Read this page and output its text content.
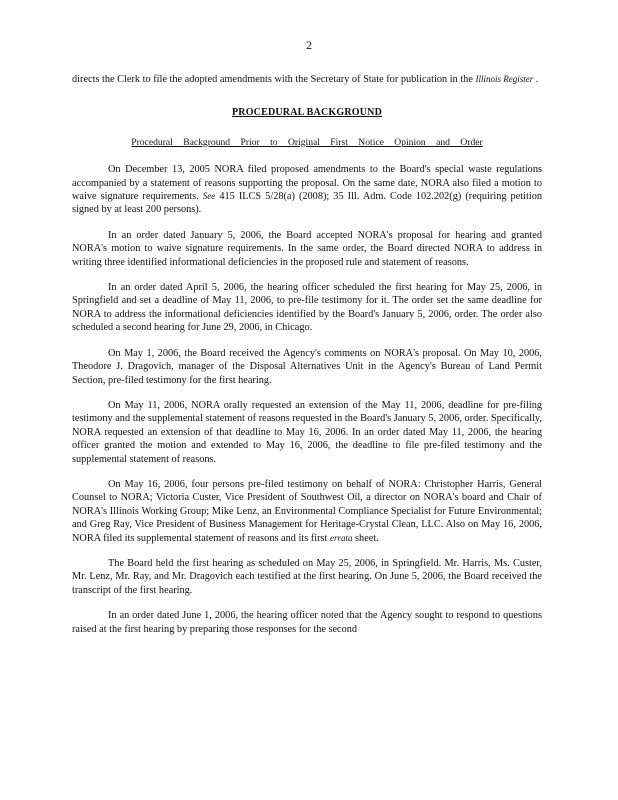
2

directs the Clerk to file the adopted amendments with the Secretary of State for publication in the Illinois Register .

PROCEDURAL BACKGROUND
Procedural Background Prior to Original First Notice Opinion and Order

On December 13, 2005 NORA filed proposed amendments to the Board's special waste regulations accompanied by a statement of reasons supporting the proposal. On the same date, NORA also filed a motion to waive signature requirements. See 415 ILCS 5/28(a) (2008); 35 Ill. Adm. Code 102.202(g) (requiring petition signed by at least 200 persons).

In an order dated January 5, 2006, the Board accepted NORA's proposal for hearing and granted NORA's motion to waive signature requirements. In the same order, the Board directed NORA to address in writing three identified informational deficiencies in the proposed rule and statement of reasons.

In an order dated April 5, 2006, the hearing officer scheduled the first hearing for May 25, 2006, in Springfield and set a deadline of May 11, 2006, to pre-file testimony for it. The order set the same deadline for NORA to address the informational deficiencies identified by the Board's January 5, 2006, order. The order also scheduled a second hearing for June 29, 2006, in Chicago.

On May 1, 2006, the Board received the Agency's comments on NORA's proposal. On May 10, 2006, Theodore J. Dragovich, manager of the Disposal Alternatives Unit in the Agency's Bureau of Land Permit Section, pre-filed testimony for the first hearing.

On May 11, 2006, NORA orally requested an extension of the May 11, 2006, deadline for pre-filing testimony and the supplemental statement of reasons requested in the Board's January 5, 2006, order. Specifically, NORA requested an extension of that deadline to May 16, 2006. In an order dated May 11, 2006, the hearing officer granted the motion and extended to May 16, 2006, the deadline to file pre-filed testimony and the supplemental statement of reasons.

On May 16, 2006, four persons pre-filed testimony on behalf of NORA: Christopher Harris, General Counsel to NORA; Victoria Custer, Vice President of Southwest Oil, a director on NORA's board and Chair of NORA's Illinois Working Group; Mike Lenz, an Environmental Compliance Specialist for Future Environmental; and Greg Ray, Vice President of Business Management for Heritage-Crystal Clean, LLC. Also on May 16, 2006, NORA filed its supplemental statement of reasons and its first errata sheet.

The Board held the first hearing as scheduled on May 25, 2006, in Springfield. Mr. Harris, Ms. Custer, Mr. Lenz, Mr. Ray, and Mr. Dragovich each testified at the first hearing. On June 5, 2006, the Board received the transcript of the first hearing.

In an order dated June 1, 2006, the hearing officer noted that the Agency sought to respond to questions raised at the first hearing by preparing those responses for the second
